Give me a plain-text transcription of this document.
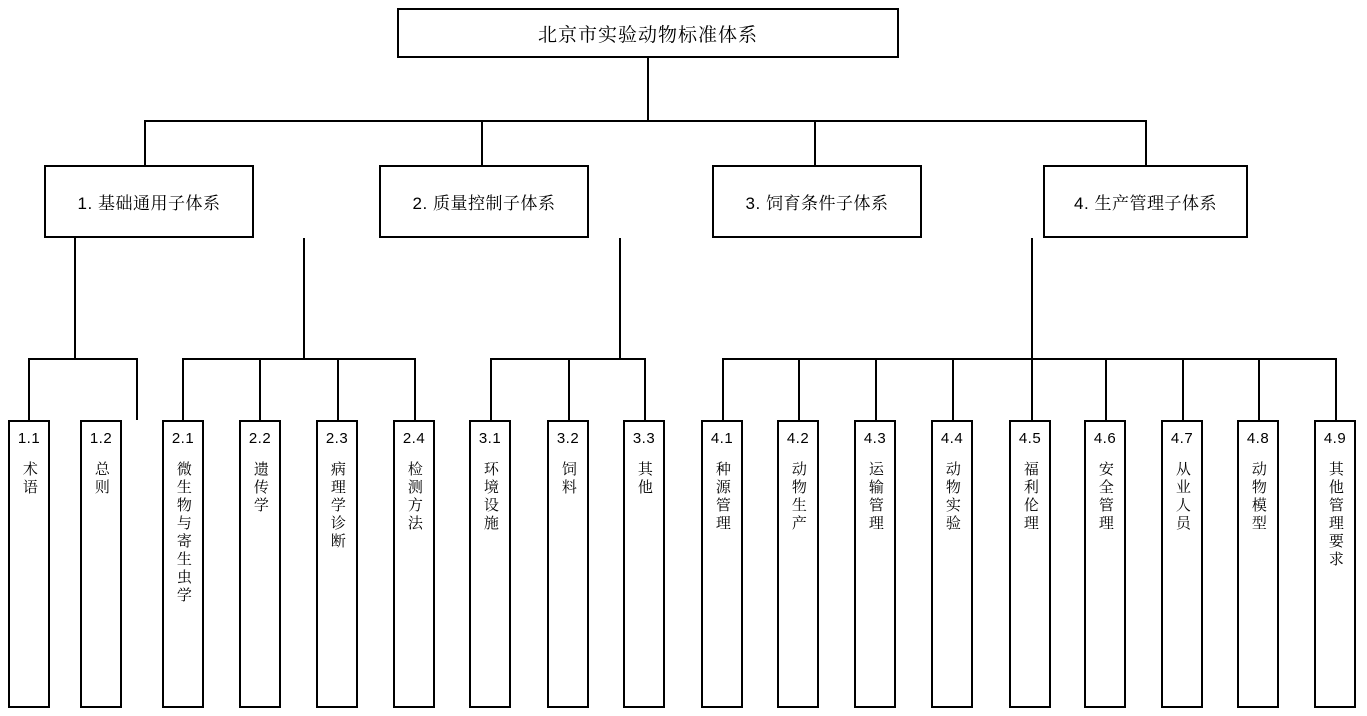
北京市实验动物标准体系
1. 基础通用子体系	2. 质量控制子体系	3. 饲育条件子体系	4. 生产管理子体系
1.1
术语
1.2
总则
2.1
微生物与寄生虫学
2.2
遗传学
2.3
病理学诊断
2.4
检测方法
3.1
环境设施
3.2
饲料
3.3
其他
4.1
种源管理
4.2
动物生产
4.3
运输管理
4.4
动物实验
4.5
福利伦理
4.6
安全管理
4.7
从业人员
4.8
动物模型
4.9
其他管理要求
